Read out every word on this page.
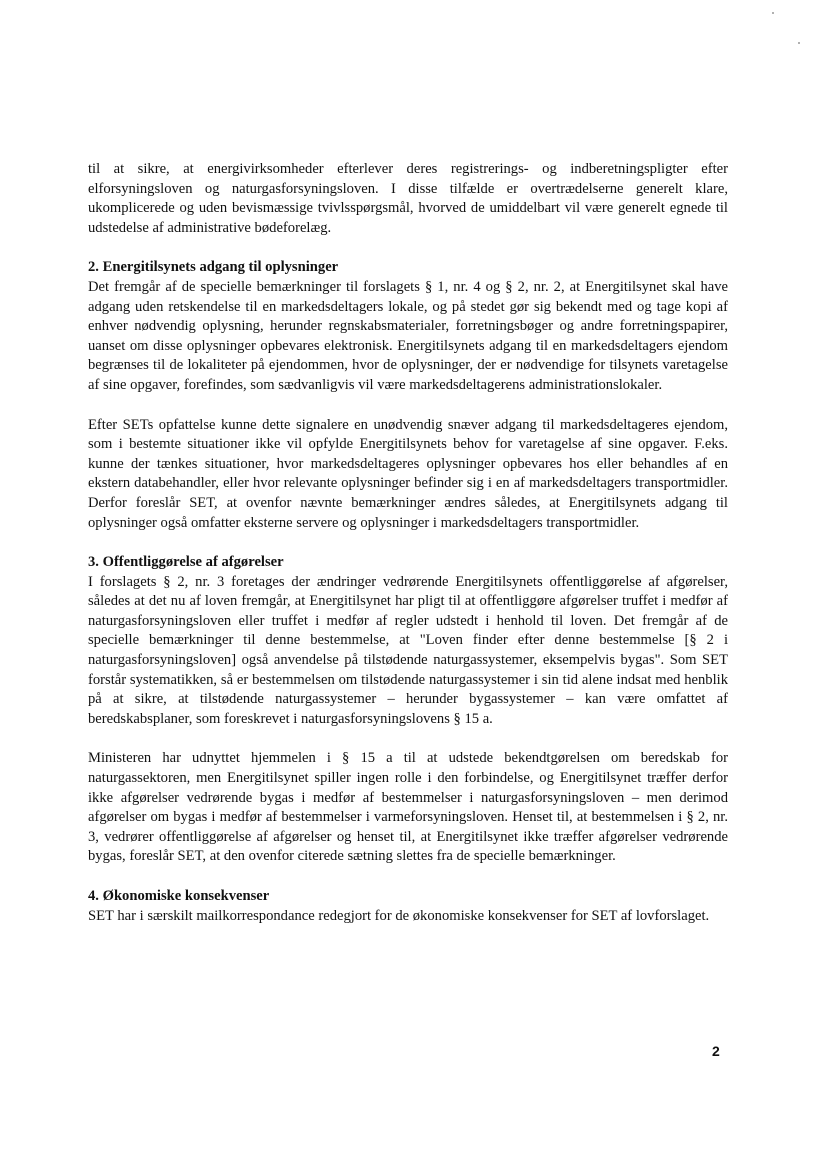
til at sikre, at energivirksomheder efterlever deres registrerings- og indberetningspligter efter elforsyningsloven og naturgasforsyningsloven. I disse tilfælde er overtrædelserne generelt klare, ukomplicerede og uden bevismæssige tvivlsspørgsmål, hvorved de umiddelbart vil være generelt egnede til udstedelse af administrative bødeforelæg.

2. Energitilsynets adgang til oplysninger

Det fremgår af de specielle bemærkninger til forslagets § 1, nr. 4 og § 2, nr. 2, at Energitilsynet skal have adgang uden retskendelse til en markedsdeltagers lokale, og på stedet gør sig bekendt med og tage kopi af enhver nødvendig oplysning, herunder regnskabsmaterialer, forretningsbøger og andre forretningspapirer, uanset om disse oplysninger opbevares elektronisk. Energitilsynets adgang til en markedsdeltagers ejendom begrænses til de lokaliteter på ejendommen, hvor de oplysninger, der er nødvendige for tilsynets varetagelse af sine opgaver, forefindes, som sædvanligvis vil være markedsdeltagerens administrationslokaler.

Efter SETs opfattelse kunne dette signalere en unødvendig snæver adgang til markedsdeltageres ejendom, som i bestemte situationer ikke vil opfylde Energitilsynets behov for varetagelse af sine opgaver. F.eks. kunne der tænkes situationer, hvor markedsdeltageres oplysninger opbevares hos eller behandles af en ekstern databehandler, eller hvor relevante oplysninger befinder sig i en af markedsdeltagers transportmidler. Derfor foreslår SET, at ovenfor nævnte bemærkninger ændres således, at Energitilsynets adgang til oplysninger også omfatter eksterne servere og oplysninger i markedsdeltagers transportmidler.

3. Offentliggørelse af afgørelser

I forslagets § 2, nr. 3 foretages der ændringer vedrørende Energitilsynets offentliggørelse af afgørelser, således at det nu af loven fremgår, at Energitilsynet har pligt til at offentliggøre afgørelser truffet i medfør af naturgasforsyningsloven eller truffet i medfør af regler udstedt i henhold til loven. Det fremgår af de specielle bemærkninger til denne bestemmelse, at "Loven finder efter denne bestemmelse [§ 2 i naturgasforsyningsloven] også anvendelse på tilstødende naturgassystemer, eksempelvis bygas". Som SET forstår systematikken, så er bestemmelsen om tilstødende naturgassystemer i sin tid alene indsat med henblik på at sikre, at tilstødende naturgassystemer – herunder bygassystemer – kan være omfattet af beredskabsplaner, som foreskrevet i naturgasforsyningslovens § 15 a.

Ministeren har udnyttet hjemmelen i § 15 a til at udstede bekendtgørelsen om beredskab for naturgassektoren, men Energitilsynet spiller ingen rolle i den forbindelse, og Energitilsynet træffer derfor ikke afgørelser vedrørende bygas i medfør af bestemmelser i naturgasforsyningsloven – men derimod afgørelser om bygas i medfør af bestemmelser i varmeforsyningsloven. Henset til, at bestemmelsen i § 2, nr. 3, vedrører offentliggørelse af afgørelser og henset til, at Energitilsynet ikke træffer afgørelser vedrørende bygas, foreslår SET, at den ovenfor citerede sætning slettes fra de specielle bemærkninger.

4. Økonomiske konsekvenser

SET har i særskilt mailkorrespondance redegjort for de økonomiske konsekvenser for SET af lovforslaget.

2
